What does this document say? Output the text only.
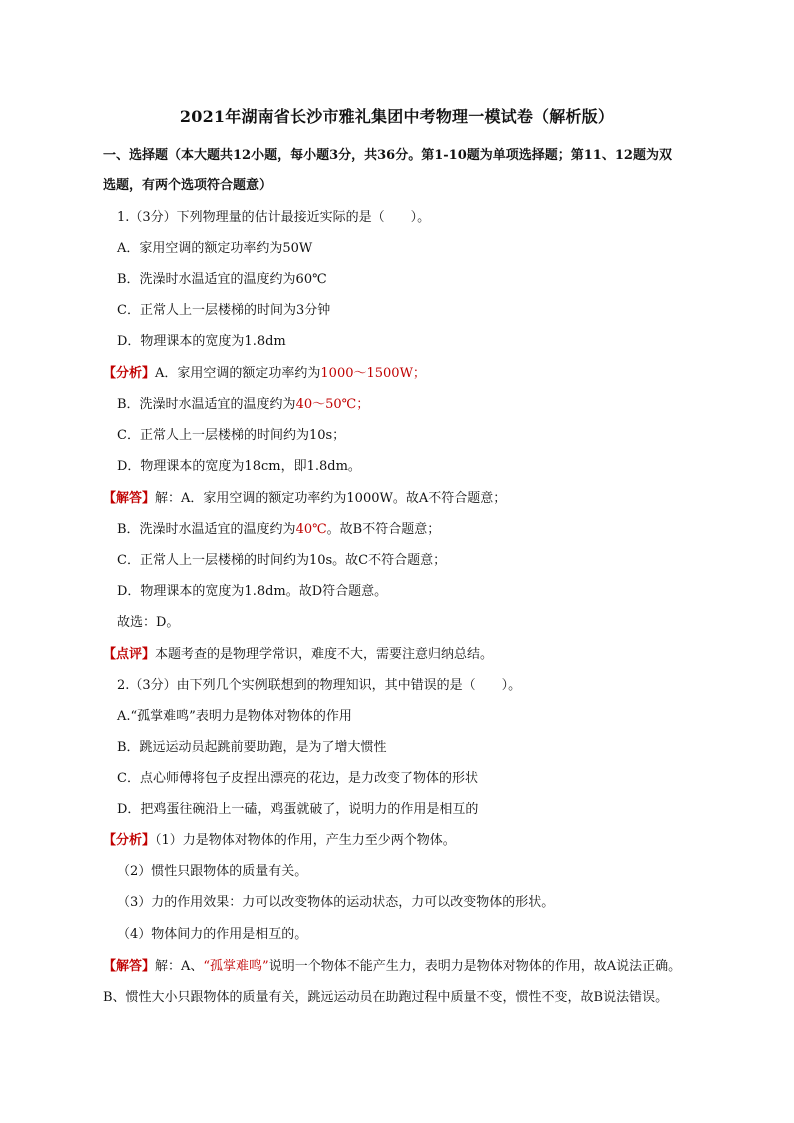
2021年湖南省长沙市雅礼集团中考物理一模试卷（解析版）
一、选择题（本大题共12小题，每小题3分，共36分。第1-10题为单项选择题；第11、12题为双
选题，有两个选项符合题意）
1.（3分）下列物理量的估计最接近实际的是（　　）。
A．家用空调的额定功率约为50W
B．洗澡时水温适宜的温度约为60℃
C．正常人上一层楼梯的时间为3分钟
D．物理课本的宽度为1.8dm
【分析】A．家用空调的额定功率约为1000～1500W；
B．洗澡时水温适宜的温度约为40～50℃；
C．正常人上一层楼梯的时间约为10s；
D．物理课本的宽度为18cm，即1.8dm。
【解答】解：A．家用空调的额定功率约为1000W。故A不符合题意；
B．洗澡时水温适宜的温度约为40℃。故B不符合题意；
C．正常人上一层楼梯的时间约为10s。故C不符合题意；
D．物理课本的宽度为1.8dm。故D符合题意。
故选：D。
【点评】本题考查的是物理学常识，难度不大，需要注意归纳总结。
2.（3分）由下列几个实例联想到的物理知识，其中错误的是（　　）。
A.“孤掌难鸣”表明力是物体对物体的作用
B．跳远运动员起跳前要助跑，是为了增大惯性
C．点心师傅将包子皮捏出漂亮的花边，是力改变了物体的形状
D．把鸡蛋往碗沿上一磕，鸡蛋就破了，说明力的作用是相互的
【分析】（1）力是物体对物体的作用，产生力至少两个物体。
（2）惯性只跟物体的质量有关。
（3）力的作用效果：力可以改变物体的运动状态，力可以改变物体的形状。
（4）物体间力的作用是相互的。
【解答】解：A、“孤掌难鸣”说明一个物体不能产生力，表明力是物体对物体的作用，故A说法正确。
B、惯性大小只跟物体的质量有关，跳远运动员在助跑过程中质量不变，惯性不变，故B说法错误。
